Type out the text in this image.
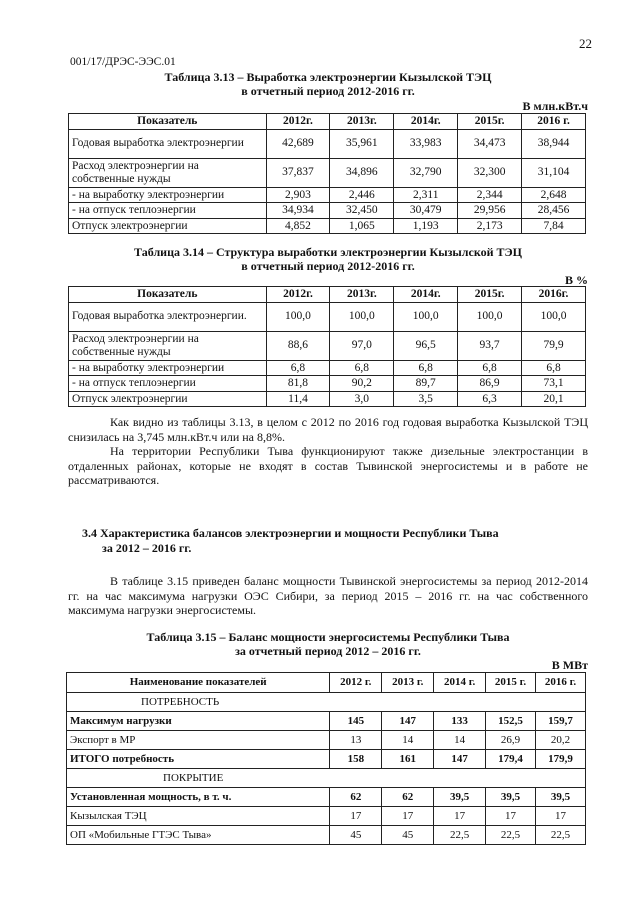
22
001/17/ДРЭС-ЭЭС.01
Таблица 3.13 – Выработка электроэнергии Кызылской ТЭЦ
в отчетный период 2012-2016 гг.
В млн.кВт.ч
Показатель	2012г.	2013г.	2014г.	2015г.	2016 г.
Годовая выработка электроэнергии	42,689	35,961	33,983	34,473	38,944
Расход электроэнергии на собственные нужды	37,837	34,896	32,790	32,300	31,104
- на выработку электроэнергии	2,903	2,446	2,311	2,344	2,648
- на отпуск теплоэнергии	34,934	32,450	30,479	29,956	28,456
Отпуск электроэнергии	4,852	1,065	1,193	2,173	7,84
Таблица 3.14 – Структура выработки электроэнергии Кызылской ТЭЦ
в отчетный период 2012-2016 гг.
В %
Показатель	2012г.	2013г.	2014г.	2015г.	2016г.
Годовая выработка электроэнергии.	100,0	100,0	100,0	100,0	100,0
Расход электроэнергии на собственные нужды	88,6	97,0	96,5	93,7	79,9
- на выработку электроэнергии	6,8	6,8	6,8	6,8	6,8
- на отпуск теплоэнергии	81,8	90,2	89,7	86,9	73,1
Отпуск электроэнергии	11,4	3,0	3,5	6,3	20,1
Как видно из таблицы 3.13, в целом с 2012 по 2016 год годовая выработка Кызылской ТЭЦ снизилась на 3,745 млн.кВт.ч или на 8,8%.
На территории Республики Тыва функционируют также дизельные электростанции в отдаленных районах, которые не входят в состав Тывинской энергосистемы и в работе не рассматриваются.
3.4 Характеристика балансов электроэнергии и мощности Республики Тыва
за 2012 – 2016 гг.
В таблице 3.15 приведен баланс мощности Тывинской энергосистемы за период 2012-2014 гг. на час максимума нагрузки ОЭС Сибири, за период 2015 – 2016 гг. на час собственного максимума нагрузки энергосистемы.
Таблица 3.15 – Баланс мощности энергосистемы Республики Тыва
за отчетный период 2012 – 2016 гг.
В МВт
Наименование показателей	2012 г.	2013 г.	2014 г.	2015 г.	2016 г.
ПОТРЕБНОСТЬ					
Максимум нагрузки	145	147	133	152,5	159,7
Экспорт в МР	13	14	14	26,9	20,2
ИТОГО потребность	158	161	147	179,4	179,9
ПОКРЫТИЕ					
Установленная мощность, в т. ч.	62	62	39,5	39,5	39,5
Кызылская ТЭЦ	17	17	17	17	17
ОП «Мобильные ГТЭС Тыва»	45	45	22,5	22,5	22,5
